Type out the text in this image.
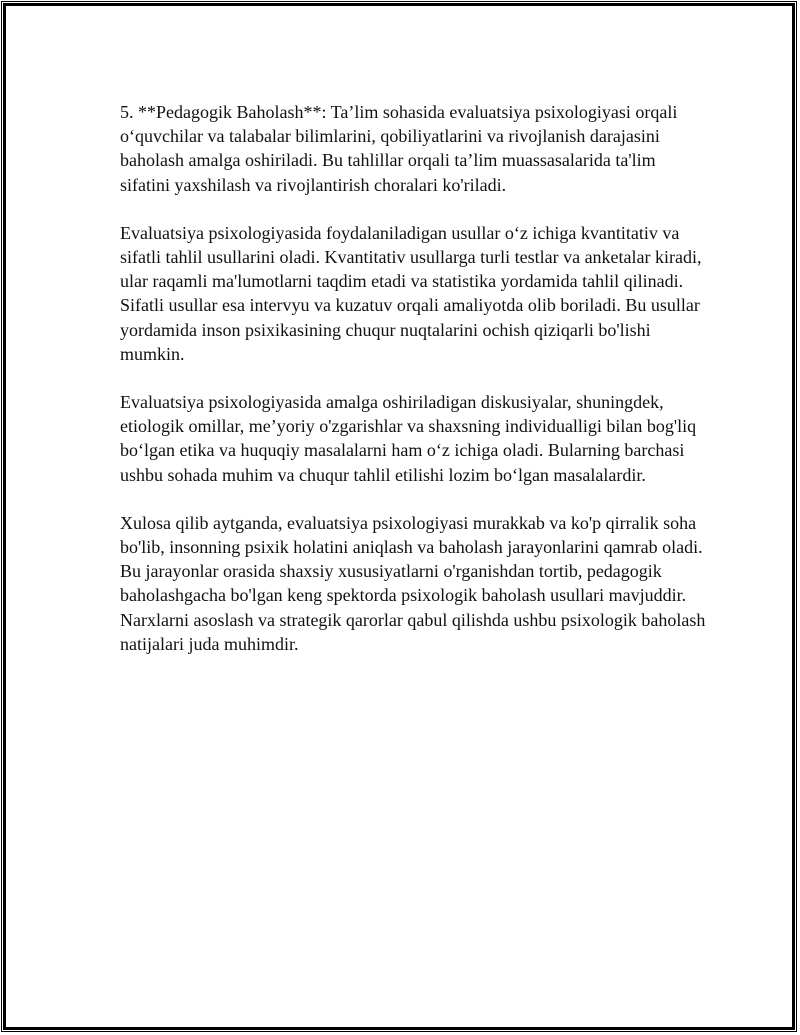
5. **Pedagogik Baholash**: Ta’lim sohasida evaluatsiya psixologiyasi orqali o‘quvchilar va talabalar bilimlarini, qobiliyatlarini va rivojlanish darajasini baholash amalga oshiriladi. Bu tahlillar orqali ta’lim muassasalarida ta'lim sifatini yaxshilash va rivojlantirish choralari ko'riladi.

Evaluatsiya psixologiyasida foydalaniladigan usullar o‘z ichiga kvantitativ va sifatli tahlil usullarini oladi. Kvantitativ usullarga turli testlar va anketalar kiradi, ular raqamli ma'lumotlarni taqdim etadi va statistika yordamida tahlil qilinadi. Sifatli usullar esa intervyu va kuzatuv orqali amaliyotda olib boriladi. Bu usullar yordamida inson psixikasining chuqur nuqtalarini ochish qiziqarli bo'lishi mumkin.

Evaluatsiya psixologiyasida amalga oshiriladigan diskusiyalar, shuningdek, etiologik omillar, me’yoriy o'zgarishlar va shaxsning individualligi bilan bog'liq bo‘lgan etika va huquqiy masalalarni ham o‘z ichiga oladi. Bularning barchasi ushbu sohada muhim va chuqur tahlil etilishi lozim bo‘lgan masalalardir.

Xulosa qilib aytganda, evaluatsiya psixologiyasi murakkab va ko'p qirralik soha bo'lib, insonning psixik holatini aniqlash va baholash jarayonlarini qamrab oladi. Bu jarayonlar orasida shaxsiy xususiyatlarni o'rganishdan tortib, pedagogik baholashgacha bo'lgan keng spektorda psixologik baholash usullari mavjuddir. Narxlarni asoslash va strategik qarorlar qabul qilishda ushbu psixologik baholash natijalari juda muhimdir.
